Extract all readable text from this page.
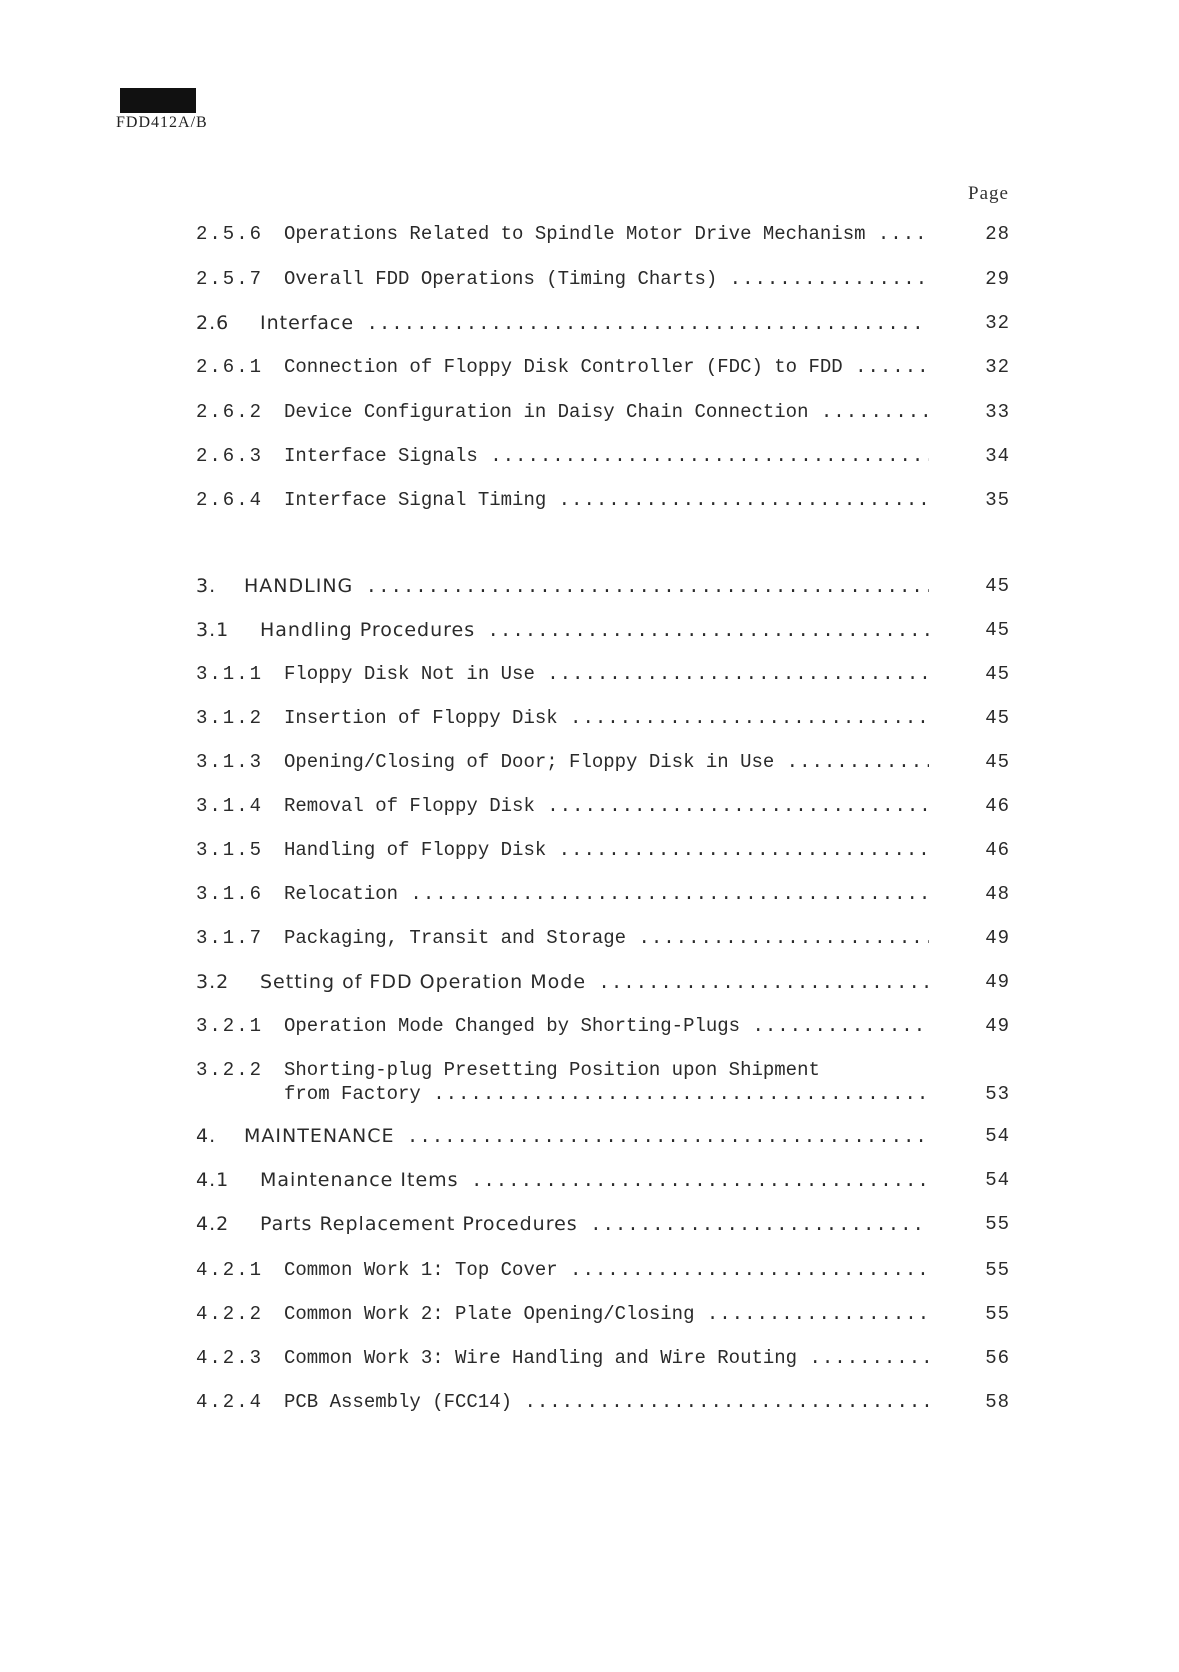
FDD412A/B
Page
2.5.6 Operations Related to Spindle Motor Drive Mechanism .....	28
2.5.7 Overall FDD Operations (Timing Charts) .....	29
2.6 Interface .....	32
2.6.1 Connection of Floppy Disk Controller (FDC) to FDD .....	32
2.6.2 Device Configuration in Daisy Chain Connection .....	33
2.6.3 Interface Signals .....	34
2.6.4 Interface Signal Timing .....	35
3. HANDLING .....	45
3.1 Handling Procedures .....	45
3.1.1 Floppy Disk Not in Use .....	45
3.1.2 Insertion of Floppy Disk .....	45
3.1.3 Opening/Closing of Door; Floppy Disk in Use .....	45
3.1.4 Removal of Floppy Disk .....	46
3.1.5 Handling of Floppy Disk .....	46
3.1.6 Relocation .....	48
3.1.7 Packaging, Transit and Storage .....	49
3.2 Setting of FDD Operation Mode .....	49
3.2.1 Operation Mode Changed by Shorting-Plugs .....	49
3.2.2 Shorting-plug Presetting Position upon Shipment
from Factory .....	53
4. MAINTENANCE .....	54
4.1 Maintenance Items .....	54
4.2 Parts Replacement Procedures .....	55
4.2.1 Common Work 1: Top Cover .....	55
4.2.2 Common Work 2: Plate Opening/Closing .....	55
4.2.3 Common Work 3: Wire Handling and Wire Routing .....	56
4.2.4 PCB Assembly (FCC14) .....	58
